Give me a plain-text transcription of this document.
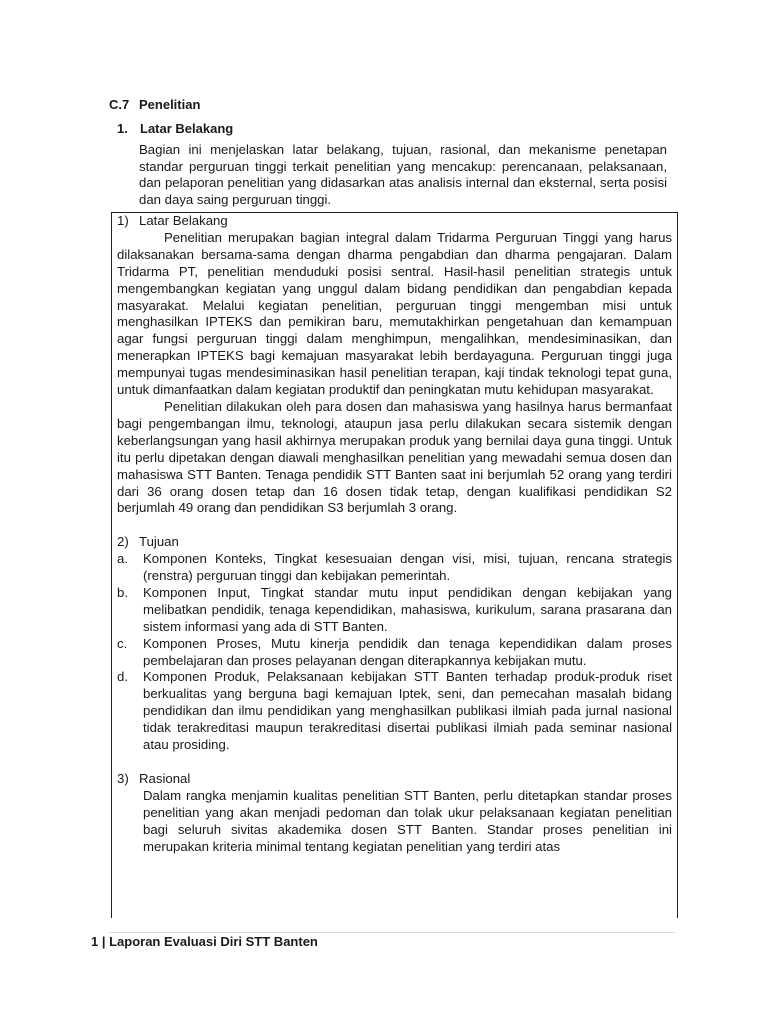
C.7 Penelitian
1. Latar Belakang

Bagian ini menjelaskan latar belakang, tujuan, rasional, dan mekanisme penetapan standar perguruan tinggi terkait penelitian yang mencakup: perencanaan, pelaksanaan, dan pelaporan penelitian yang didasarkan atas analisis internal dan eksternal, serta posisi dan daya saing perguruan tinggi.

1) Latar Belakang

Penelitian merupakan bagian integral dalam Tridarma Perguruan Tinggi yang harus dilaksanakan bersama-sama dengan dharma pengabdian dan dharma pengajaran. Dalam Tridarma PT, penelitian menduduki posisi sentral. Hasil-hasil penelitian strategis untuk mengembangkan kegiatan yang unggul dalam bidang pendidikan dan pengabdian kepada masyarakat. Melalui kegiatan penelitian, perguruan tinggi mengemban misi untuk menghasilkan IPTEKS dan pemikiran baru, memutakhirkan pengetahuan dan kemampuan agar fungsi perguruan tinggi dalam menghimpun, mengalihkan, mendesiminasikan, dan menerapkan IPTEKS bagi kemajuan masyarakat lebih berdayaguna. Perguruan tinggi juga mempunyai tugas mendesiminasikan hasil penelitian terapan, kaji tindak teknologi tepat guna, untuk dimanfaatkan dalam kegiatan produktif dan peningkatan mutu kehidupan masyarakat.

Penelitian dilakukan oleh para dosen dan mahasiswa yang hasilnya harus bermanfaat bagi pengembangan ilmu, teknologi, ataupun jasa perlu dilakukan secara sistemik dengan keberlangsungan yang hasil akhirnya merupakan produk yang bernilai daya guna tinggi. Untuk itu perlu dipetakan dengan diawali menghasilkan penelitian yang mewadahi semua dosen dan mahasiswa STT Banten. Tenaga pendidik STT Banten saat ini berjumlah 52 orang yang terdiri dari 36 orang dosen tetap dan 16 dosen tidak tetap, dengan kualifikasi pendidikan S2 berjumlah 49 orang dan pendidikan S3 berjumlah 3 orang.

2) Tujuan

a. Komponen Konteks, Tingkat kesesuaian dengan visi, misi, tujuan, rencana strategis (renstra) perguruan tinggi dan kebijakan pemerintah.

b. Komponen Input, Tingkat standar mutu input pendidikan dengan kebijakan yang melibatkan pendidik, tenaga kependidikan, mahasiswa, kurikulum, sarana prasarana dan sistem informasi yang ada di STT Banten.

c. Komponen Proses, Mutu kinerja pendidik dan tenaga kependidikan dalam proses pembelajaran dan proses pelayanan dengan diterapkannya kebijakan mutu.

d. Komponen Produk, Pelaksanaan kebijakan STT Banten terhadap produk-produk riset berkualitas yang berguna bagi kemajuan Iptek, seni, dan pemecahan masalah bidang pendidikan dan ilmu pendidikan yang menghasilkan publikasi ilmiah pada jurnal nasional tidak terakreditasi maupun terakreditasi disertai publikasi ilmiah pada seminar nasional atau prosiding.

3) Rasional

Dalam rangka menjamin kualitas penelitian STT Banten, perlu ditetapkan standar proses penelitian yang akan menjadi pedoman dan tolak ukur pelaksanaan kegiatan penelitian bagi seluruh sivitas akademika dosen STT Banten. Standar proses penelitian ini merupakan kriteria minimal tentang kegiatan penelitian yang terdiri atas

1 | Laporan Evaluasi Diri STT Banten
